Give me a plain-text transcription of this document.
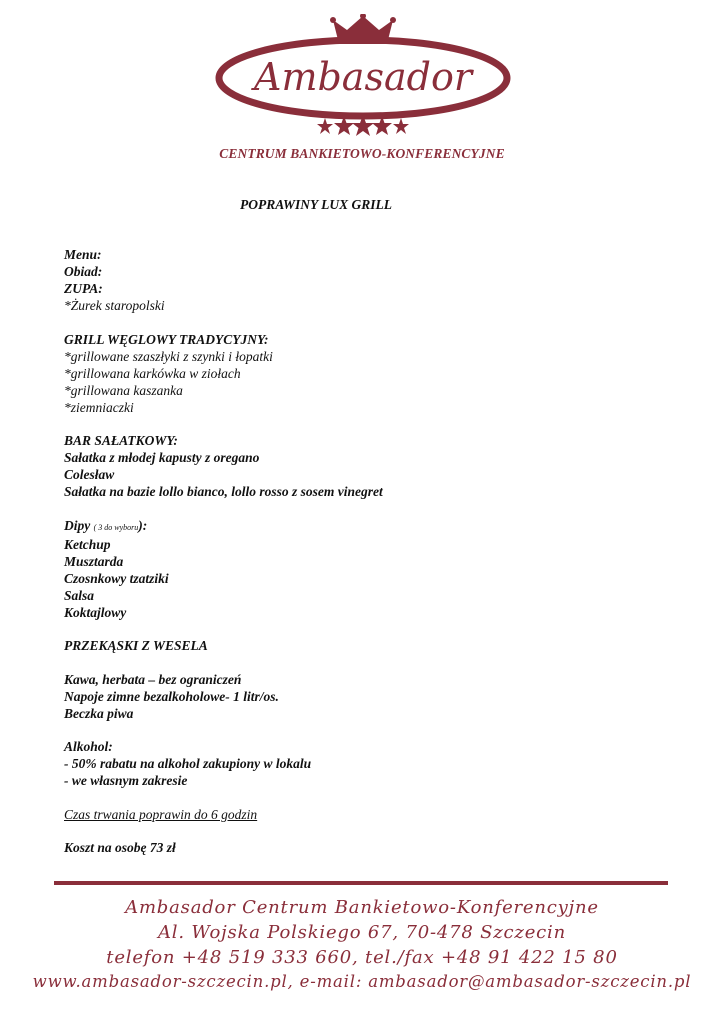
Ambasador
CENTRUM BANKIETOWO-KONFERENCYJNE
POPRAWINY LUX GRILL

Menu:

Obiad:

ZUPA:

*Żurek staropolski

GRILL WĘGLOWY TRADYCYJNY:

*grillowane szaszłyki z szynki i łopatki

*grillowana karkówka w ziołach

*grillowana kaszanka

*ziemniaczki

BAR SAŁATKOWY:

Sałatka z młodej kapusty z oregano

Colesław

Sałatka na bazie lollo bianco, lollo rosso z sosem vinegret

Dipy ( 3 do wyboru):

Ketchup

Musztarda

Czosnkowy tzatziki

Salsa

Koktajlowy

PRZEKĄSKI Z WESELA

Kawa, herbata – bez ograniczeń

Napoje zimne bezalkoholowe- 1 litr/os.

Beczka piwa

Alkohol:

- 50% rabatu na alkohol zakupiony w lokalu

- we własnym zakresie

Czas trwania poprawin do 6 godzin

Koszt na osobę 73 zł

Ambasador Centrum Bankietowo-Konferencyjne
Al. Wojska Polskiego 67, 70-478 Szczecin
telefon +48 519 333 660, tel./fax +48 91 422 15 80
www.ambasador-szczecin.pl, e-mail: ambasador@ambasador-szczecin.pl
